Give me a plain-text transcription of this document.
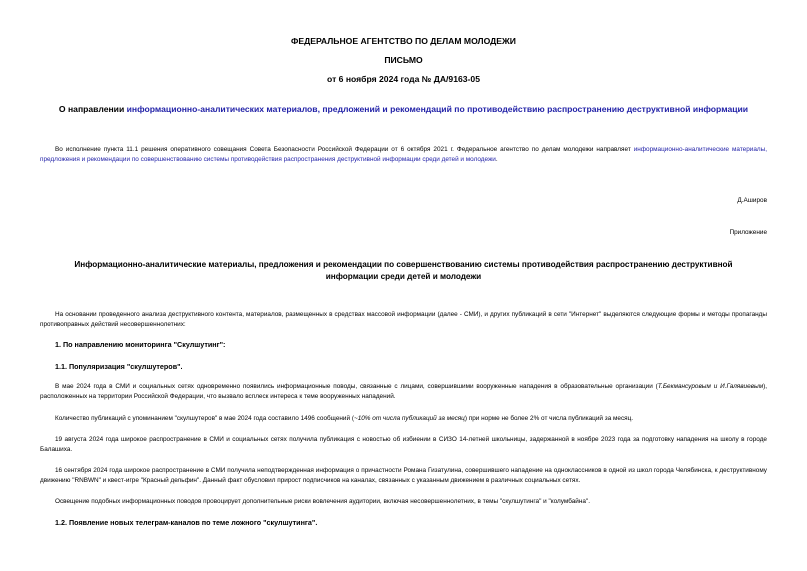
ФЕДЕРАЛЬНОЕ АГЕНТСТВО ПО ДЕЛАМ МОЛОДЕЖИ
ПИСЬМО
от 6 ноября 2024 года № ДА/9163-05
О направлении информационно-аналитических материалов, предложений и рекомендаций по противодействию распространению деструктивной информации
Во исполнение пункта 11.1 решения оперативного совещания Совета Безопасности Российской Федерации от 6 октября 2021 г. Федеральное агентство по делам молодежи направляет информационно-аналитические материалы, предложения и рекомендации по совершенствованию системы противодействия распространения деструктивной информации среди детей и молодежи.
Д.Аширов
Приложение
Информационно-аналитические материалы, предложения и рекомендации по совершенствованию системы противодействия распространению деструктивной информации среди детей и молодежи
На основании проведенного анализа деструктивного контента, материалов, размещенных в средствах массовой информации (далее - СМИ), и других публикаций в сети "Интернет" выделяются следующие формы и методы пропаганды противоправных действий несовершеннолетних:
1. По направлению мониторинга "Скулшутинг":
1.1. Популяризация "скулшутеров".
В мае 2024 года в СМИ и социальных сетях одновременно появились информационные поводы, связанные с лицами, совершившими вооруженные нападения в образовательные организации (Т.Бекмансуровым и И.Галявиевым), расположенных на территории Российской Федерации, что вызвало всплеск интереса к теме вооруженных нападений.
Количество публикаций с упоминанием "скулшутеров" в мае 2024 года составило 1496 сообщений (~10% от числа публикаций за месяц) при норме не более 2% от числа публикаций за месяц.
19 августа 2024 года широкое распространение в СМИ и социальных сетях получила публикация с новостью об избиении в СИЗО 14-летней школьницы, задержанной в ноябре 2023 года за подготовку нападения на школу в городе Балашиха.
16 сентября 2024 года широкое распространение в СМИ получила неподтвержденная информация о причастности Романа Гизатулина, совершившего нападение на одноклассников в одной из школ города Челябинска, к деструктивному движению "RNBWN" и квест-игре "Красный дельфин". Данный факт обусловил прирост подписчиков на каналах, связанных с указанным движением в различных социальных сетях.
Освещение подобных информационных поводов провоцирует дополнительные риски вовлечения аудитории, включая несовершеннолетних, в темы "скулшутинга" и "колумбайна".
1.2. Появление новых телеграм-каналов по теме ложного "скулшутинга".
